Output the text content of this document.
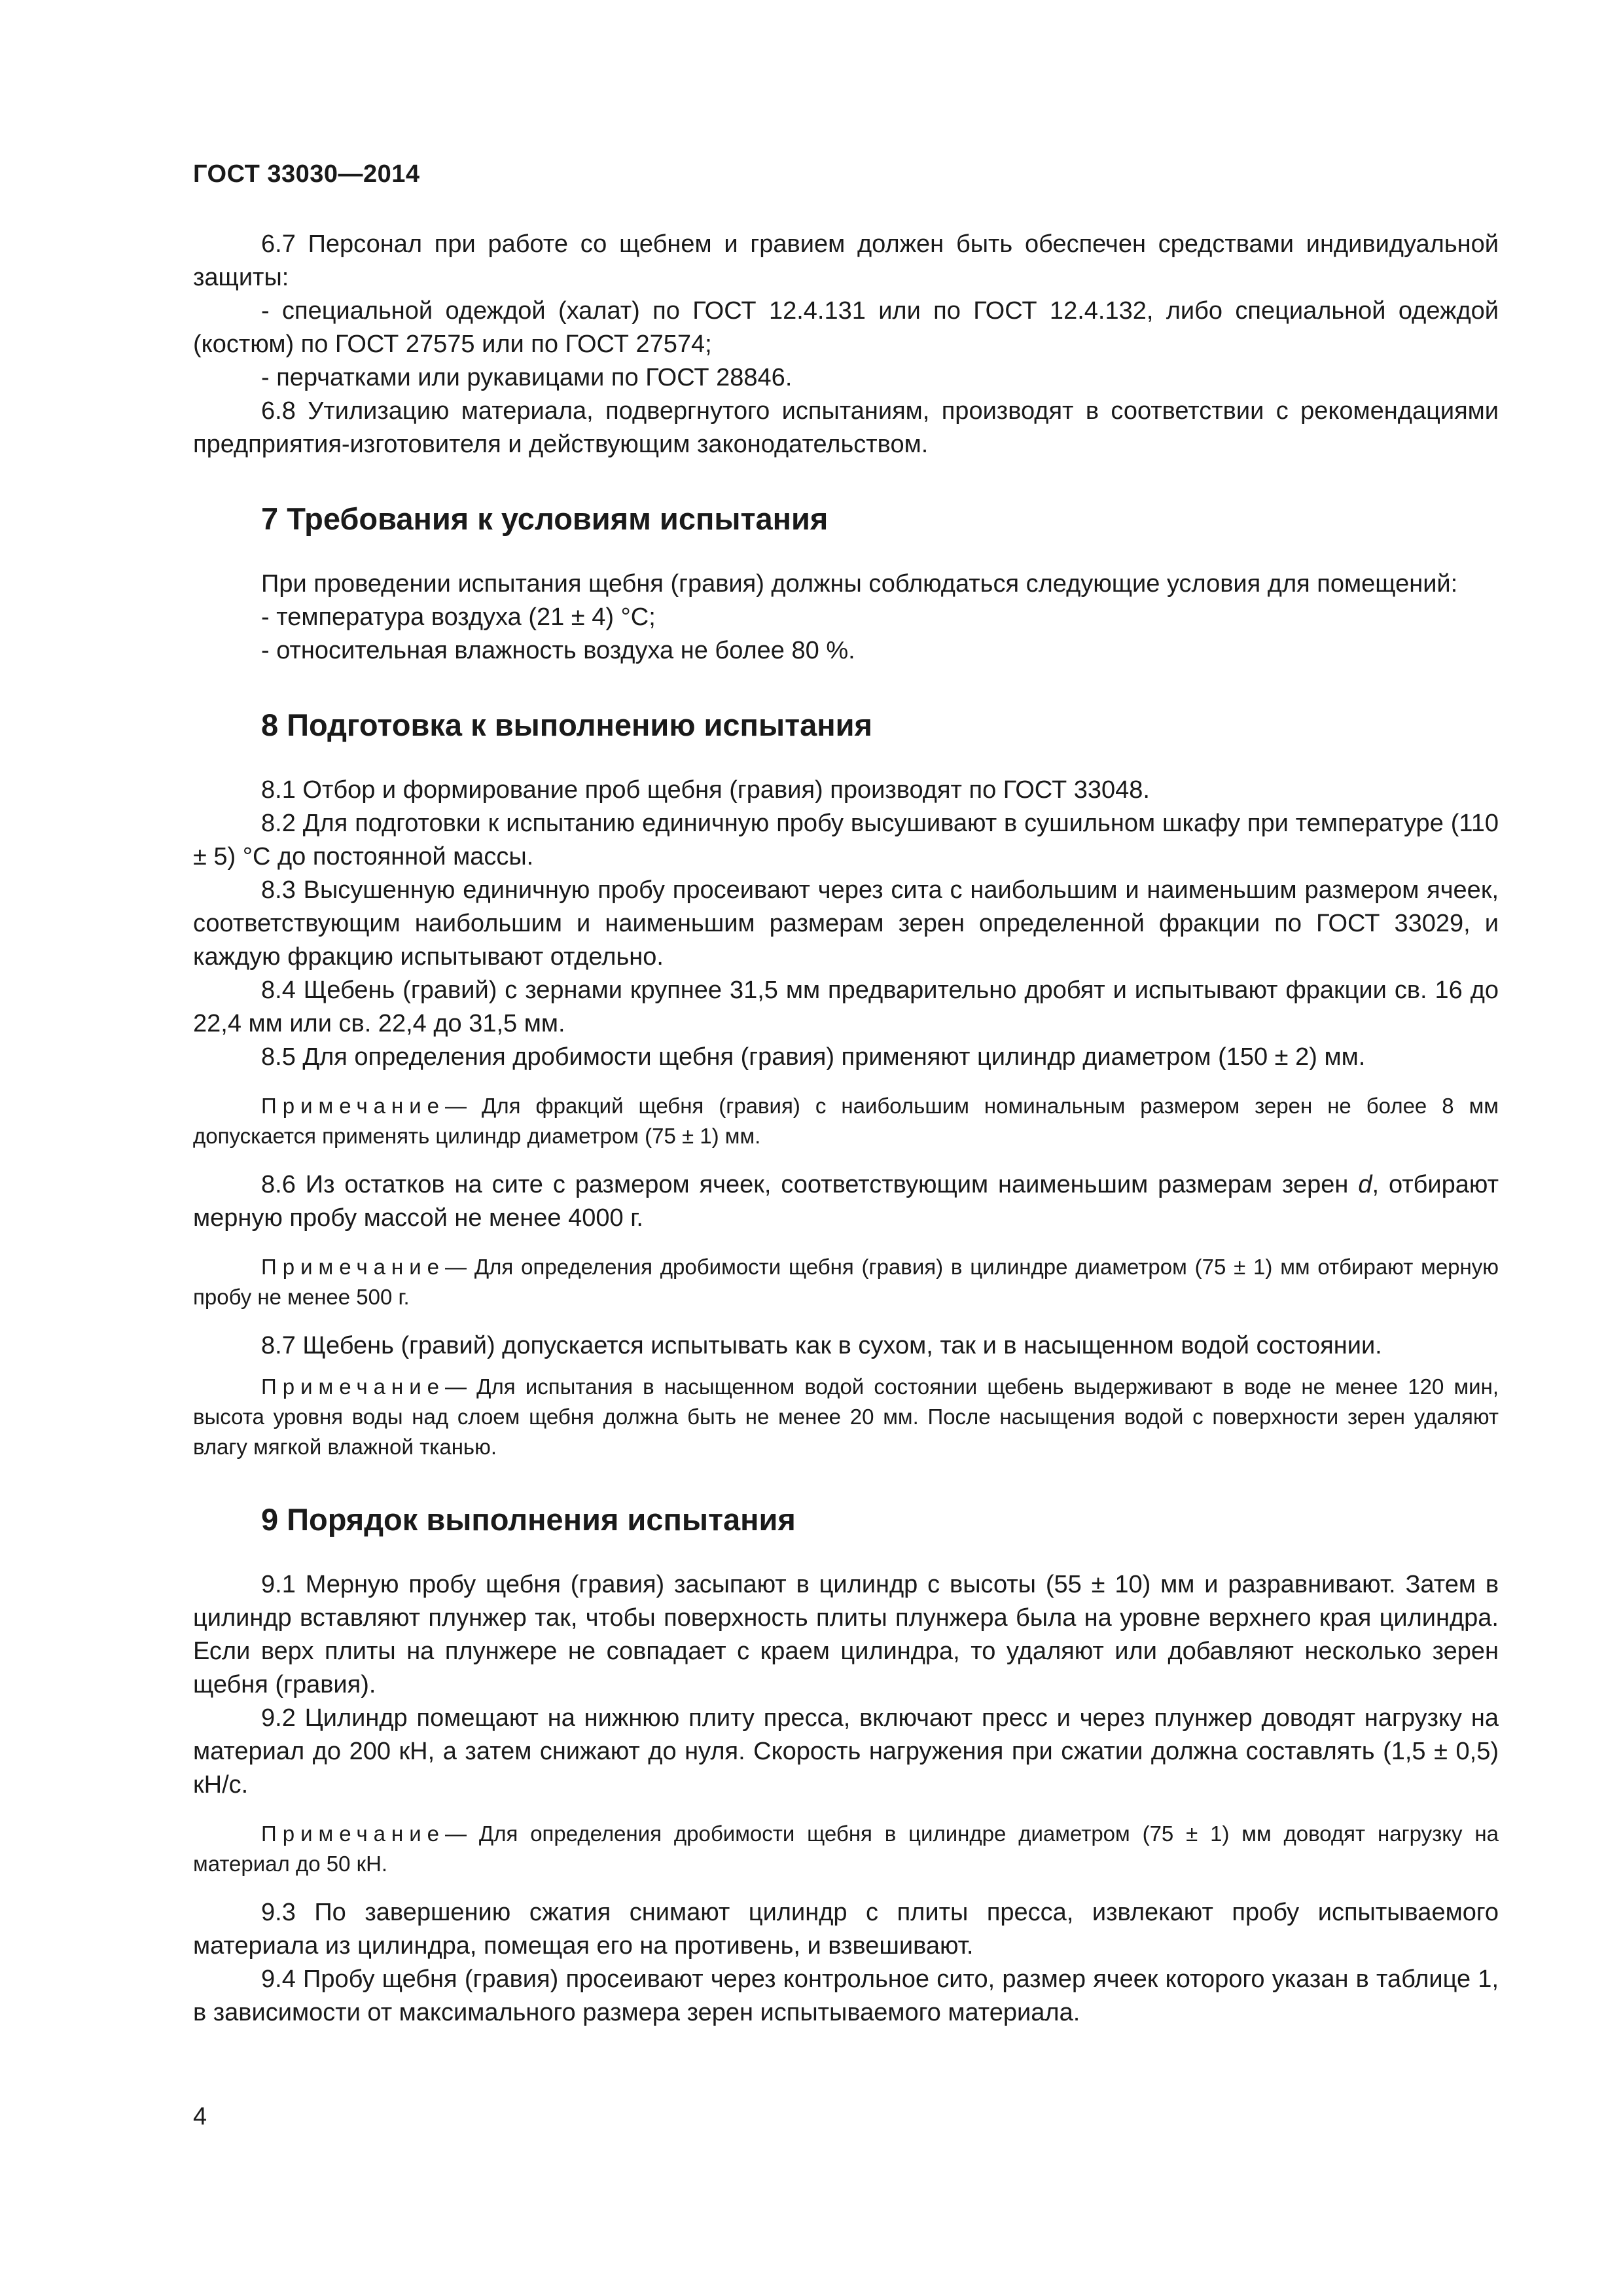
ГОСТ 33030—2014

6.7 Персонал при работе со щебнем и гравием должен быть обеспечен средствами индивидуальной защиты:

- специальной одеждой (халат) по ГОСТ 12.4.131 или по ГОСТ 12.4.132, либо специальной одеждой (костюм) по ГОСТ 27575 или по ГОСТ 27574;

- перчатками или рукавицами по ГОСТ 28846.

6.8 Утилизацию материала, подвергнутого испытаниям, производят в соответствии с рекомендациями предприятия-изготовителя и действующим законодательством.

7 Требования к условиям испытания

При проведении испытания щебня (гравия) должны соблюдаться следующие условия для помещений:

- температура воздуха (21 ± 4) °С;

- относительная влажность воздуха не более 80 %.

8 Подготовка к выполнению испытания

8.1 Отбор и формирование проб щебня (гравия) производят по ГОСТ 33048.

8.2 Для подготовки к испытанию единичную пробу высушивают в сушильном шкафу при температуре (110 ± 5) °С до постоянной массы.

8.3 Высушенную единичную пробу просеивают через сита с наибольшим и наименьшим размером ячеек, соответствующим наибольшим и наименьшим размерам зерен определенной фракции по ГОСТ 33029, и каждую фракцию испытывают отдельно.

8.4 Щебень (гравий) с зернами крупнее 31,5 мм предварительно дробят и испытывают фракции св. 16 до 22,4 мм или св. 22,4 до 31,5 мм.

8.5 Для определения дробимости щебня (гравия) применяют цилиндр диаметром (150 ± 2) мм.

Примечание— Для фракций щебня (гравия) с наибольшим номинальным размером зерен не более 8 мм допускается применять цилиндр диаметром (75 ± 1) мм.

8.6 Из остатков на сите с размером ячеек, соответствующим наименьшим размерам зерен d, отбирают мерную пробу массой не менее 4000 г.

Примечание— Для определения дробимости щебня (гравия) в цилиндре диаметром (75 ± 1) мм отбирают мерную пробу не менее 500 г.

8.7 Щебень (гравий) допускается испытывать как в сухом, так и в насыщенном водой состоянии.

Примечание— Для испытания в насыщенном водой состоянии щебень выдерживают в воде не менее 120 мин, высота уровня воды над слоем щебня должна быть не менее 20 мм. После насыщения водой с поверхности зерен удаляют влагу мягкой влажной тканью.

9 Порядок выполнения испытания

9.1 Мерную пробу щебня (гравия) засыпают в цилиндр с высоты (55 ± 10) мм и разравнивают. Затем в цилиндр вставляют плунжер так, чтобы поверхность плиты плунжера была на уровне верхнего края цилиндра. Если верх плиты на плунжере не совпадает с краем цилиндра, то удаляют или добавляют несколько зерен щебня (гравия).

9.2 Цилиндр помещают на нижнюю плиту пресса, включают пресс и через плунжер доводят нагрузку на материал до 200 кН, а затем снижают до нуля. Скорость нагружения при сжатии должна составлять (1,5 ± 0,5) кН/с.

Примечание— Для определения дробимости щебня в цилиндре диаметром (75 ± 1) мм доводят нагрузку на материал до 50 кН.

9.3 По завершению сжатия снимают цилиндр с плиты пресса, извлекают пробу испытываемого материала из цилиндра, помещая его на противень, и взвешивают.

9.4 Пробу щебня (гравия) просеивают через контрольное сито, размер ячеек которого указан в таблице 1, в зависимости от максимального размера зерен испытываемого материала.

4
